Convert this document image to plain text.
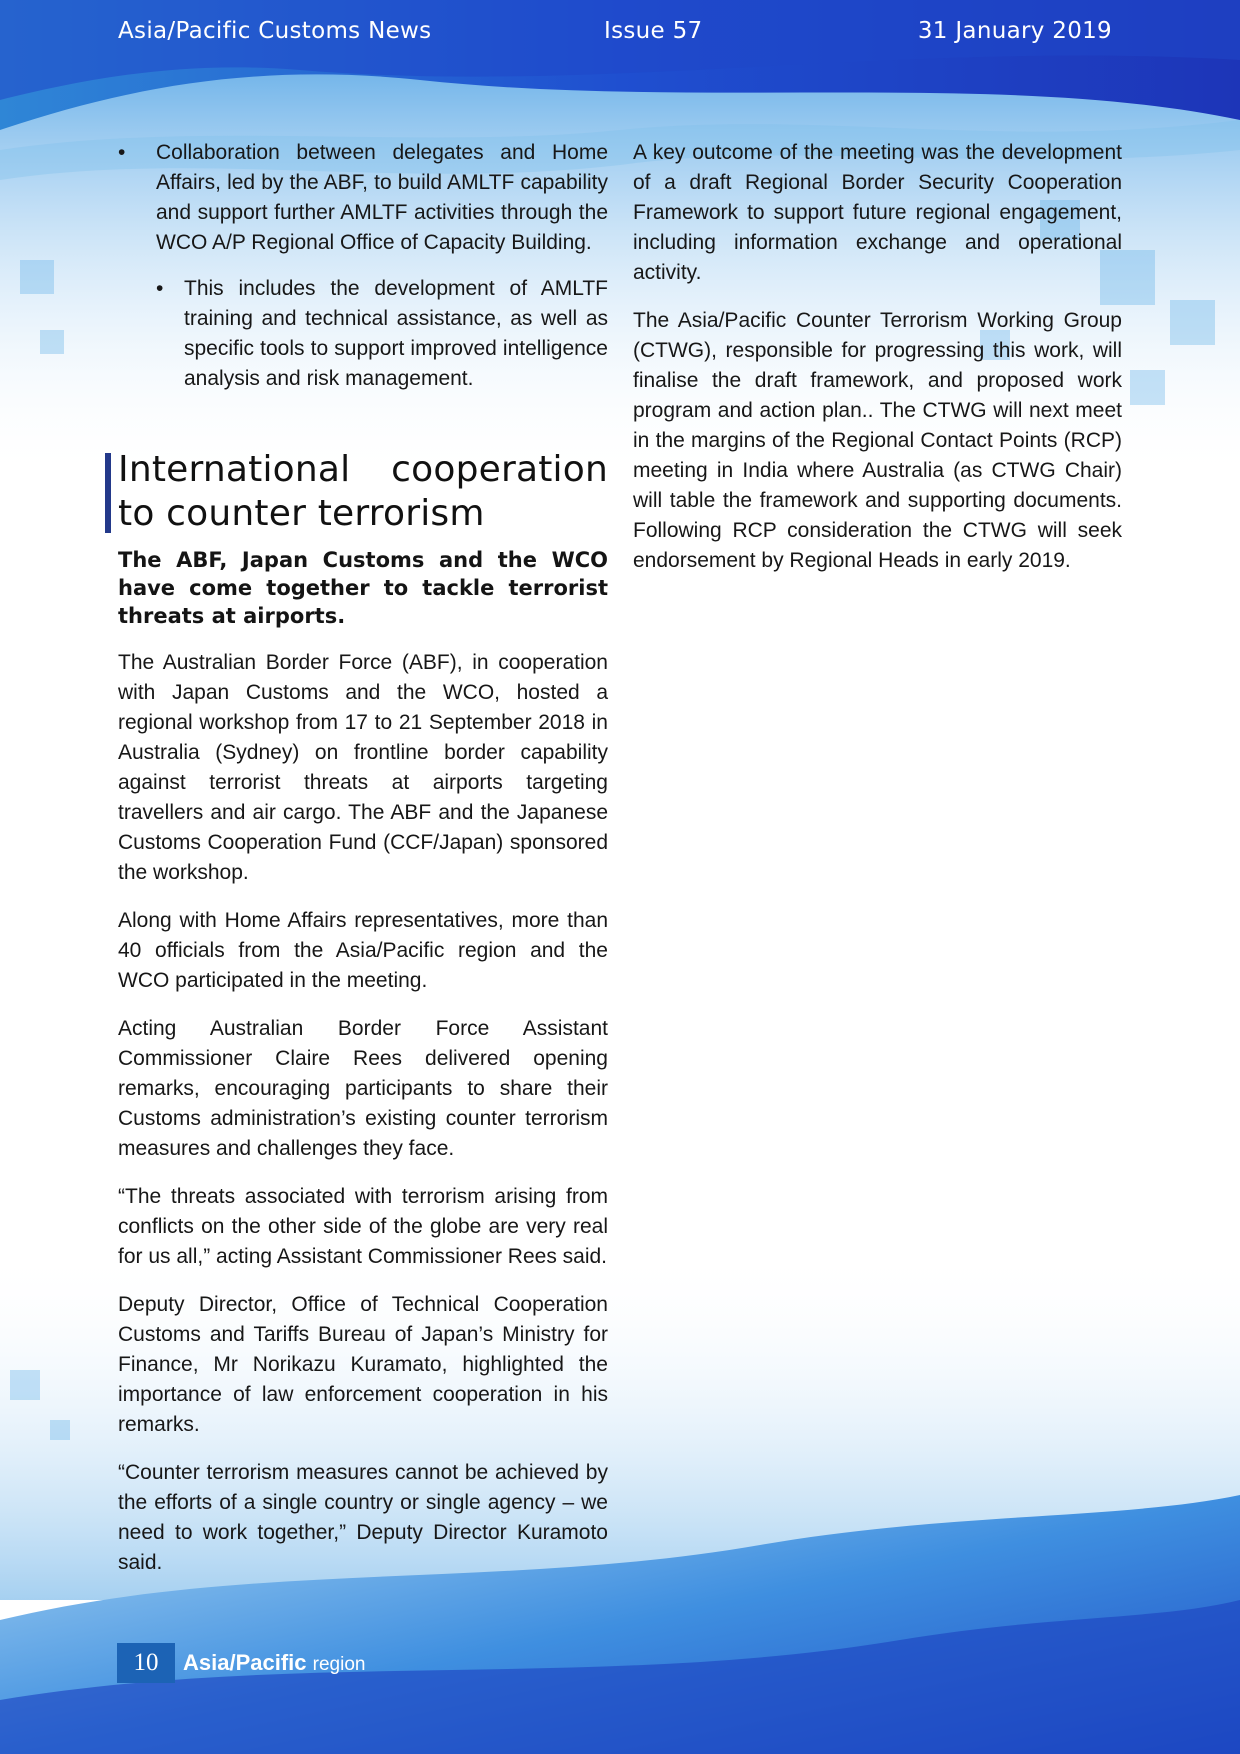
Asia/Pacific Customs News	Issue 57	31 January 2019
• Collaboration between delegates and Home Affairs, led by the ABF, to build AMLTF capability and support further AMLTF activities through the WCO A/P Regional Office of Capacity Building.
• This includes the development of AMLTF training and technical assistance, as well as specific tools to support improved intelligence analysis and risk management.
International cooperation to counter terrorism

The ABF, Japan Customs and the WCO have come together to tackle terrorist threats at airports.

The Australian Border Force (ABF), in cooperation with Japan Customs and the WCO, hosted a regional workshop from 17 to 21 September 2018 in Australia (Sydney) on frontline border capability against terrorist threats at airports targeting travellers and air cargo. The ABF and the Japanese Customs Cooperation Fund (CCF/Japan) sponsored the workshop.

Along with Home Affairs representatives, more than 40 officials from the Asia/Pacific region and the WCO participated in the meeting.

Acting Australian Border Force Assistant Commissioner Claire Rees delivered opening remarks, encouraging participants to share their Customs administration’s existing counter terrorism measures and challenges they face.

“The threats associated with terrorism arising from conflicts on the other side of the globe are very real for us all,” acting Assistant Commissioner Rees said.

Deputy Director, Office of Technical Cooperation Customs and Tariffs Bureau of Japan’s Ministry for Finance, Mr Norikazu Kuramato, highlighted the importance of law enforcement cooperation in his remarks.

“Counter terrorism measures cannot be achieved by the efforts of a single country or single agency – we need to work together,” Deputy Director Kuramoto said.

A key outcome of the meeting was the development of a draft Regional Border Security Cooperation Framework to support future regional engagement, including information exchange and operational activity.

The Asia/Pacific Counter Terrorism Working Group (CTWG), responsible for progressing this work, will finalise the draft framework, and proposed work program and action plan.. The CTWG will next meet in the margins of the Regional Contact Points (RCP) meeting in India where Australia (as CTWG Chair) will table the framework and supporting documents. Following RCP consideration the CTWG will seek endorsement by Regional Heads in early 2019.

10	Asia/Pacific region
